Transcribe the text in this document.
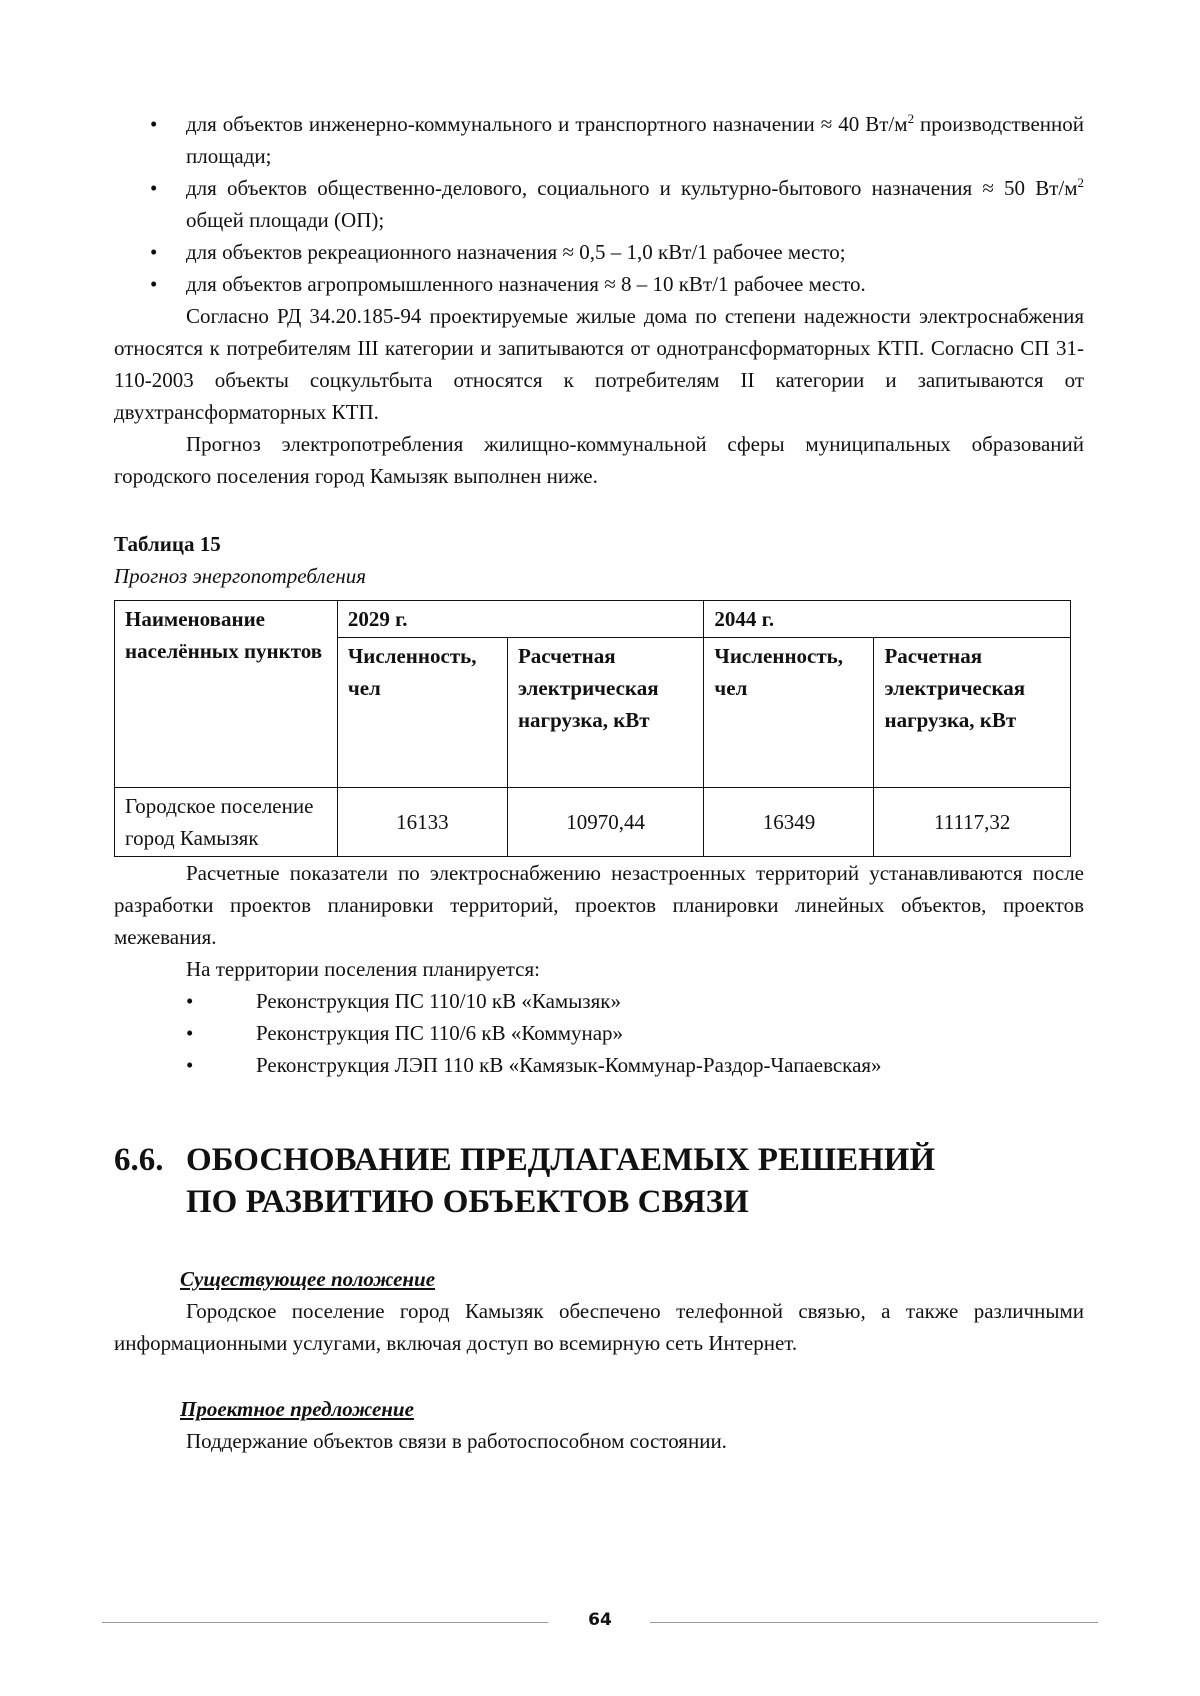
• для объектов инженерно-коммунального и транспортного назначении ≈ 40 $Вт/м^2$ производственной площади;
• для объектов общественно-делового, социального и культурно-бытового назначения ≈ 50 $Вт/м^2$ общей площади (ОП);
• для объектов рекреационного назначения ≈ 0,5 – 1,0 кВт/1 рабочее место;
• для объектов агропромышленного назначения ≈ 8 – 10 кВт/1 рабочее место.

Согласно РД 34.20.185-94 проектируемые жилые дома по степени надежности электроснабжения относятся к потребителям III категории и запитываются от однотрансформаторных КТП. Согласно СП 31-110-2003 объекты соцкультбыта относятся к потребителям II категории и запитываются от двухтрансформаторных КТП.

Прогноз электропотребления жилищно-коммунальной сферы муниципальных образований городского поселения город Камызяк выполнен ниже.

Таблица 15
Прогноз энергопотребления
Наименование населённых пунктов	2029 г.		2044 г.	
	Численность, чел	Расчетная электрическая нагрузка, кВт	Численность, чел	Расчетная электрическая нагрузка, кВт
Городское поселение город Камызяк	16133	10970,44	16349	11117,32

Расчетные показатели по электроснабжению незастроенных территорий устанавливаются после разработки проектов планировки территорий, проектов планировки линейных объектов, проектов межевания.

На территории поселения планируется:

•	Реконструкция ПС 110/10 кВ «Камызяк»
•	Реконструкция ПС 110/6 кВ «Коммунар»
•	Реконструкция ЛЭП 110 кВ «Камязык-Коммунар-Раздор-Чапаевская»
6.6. ОБОСНОВАНИЕ ПРЕДЛАГАЕМЫХ РЕШЕНИЙ
ПО РАЗВИТИЮ ОБЪЕКТОВ СВЯЗИ
Существующее положение

Городское поселение город Камызяк обеспечено телефонной связью, а также различными информационными услугами, включая доступ во всемирную сеть Интернет.

Проектное предложение

Поддержание объектов связи в работоспособном состоянии.

64
